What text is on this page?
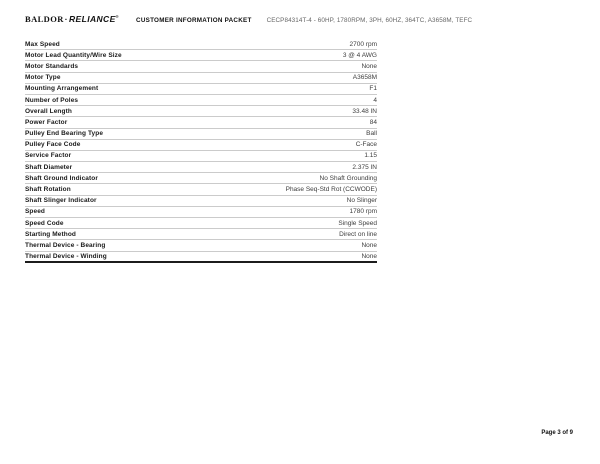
BALDOR·RELIANCE®
CUSTOMER INFORMATION PACKET CECP84314T-4 - 60HP, 1780RPM, 3PH, 60HZ, 364TC, A3658M, TEFC
Max Speed	2700 rpm
Motor Lead Quantity/Wire Size	3 @ 4 AWG
Motor Standards	None
Motor Type	A3658M
Mounting Arrangement	F1
Number of Poles	4
Overall Length	33.48 IN
Power Factor	84
Pulley End Bearing Type	Ball
Pulley Face Code	C-Face
Service Factor	1.15
Shaft Diameter	2.375 IN
Shaft Ground Indicator	No Shaft Grounding
Shaft Rotation	Phase Seq-Std Rot (CCWODE)
Shaft Slinger Indicator	No Slinger
Speed	1780 rpm
Speed Code	Single Speed
Starting Method	Direct on line
Thermal Device - Bearing	None
Thermal Device - Winding	None
Page 3 of 9
